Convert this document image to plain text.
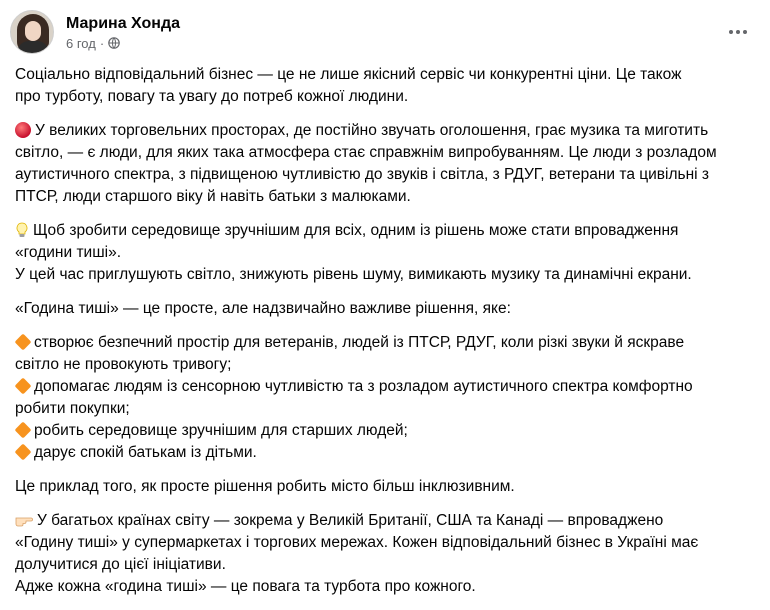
Марина Хонда
6 год ·
Соціально відповідальний бізнес — це не лише якісний сервіс чи конкурентні ціни. Це також
про турботу, повагу та увагу до потреб кожної людини.
У великих торговельних просторах, де постійно звучать оголошення, грає музика та миготить
світло, — є люди, для яких така атмосфера стає справжнім випробуванням. Це люди з розладом
аутистичного спектра, з підвищеною чутливістю до звуків і світла, з РДУГ, ветерани та цивільні з
ПТСР, люди старшого віку й навіть батьки з малюками.
Щоб зробити середовище зручнішим для всіх, одним із рішень може стати впровадження
«години тиші».
У цей час приглушують світло, знижують рівень шуму, вимикають музику та динамічні екрани.
«Година тиші» — це просте, але надзвичайно важливе рішення, яке:
створює безпечний простір для ветеранів, людей із ПТСР, РДУГ, коли різкі звуки й яскраве
світло не провокують тривогу;
допомагає людям із сенсорною чутливістю та з розладом аутистичного спектра комфортно
робити покупки;
робить середовище зручнішим для старших людей;
дарує спокій батькам із дітьми.
Це приклад того, як просте рішення робить місто більш інклюзивним.
У багатьох країнах світу — зокрема у Великій Британії, США та Канаді — впроваджено
«Годину тиші» у супермаркетах і торгових мережах. Кожен відповідальний бізнес в Україні має
долучитися до цієї ініціативи.
Адже кожна «година тиші» — це повага та турбота про кожного.
